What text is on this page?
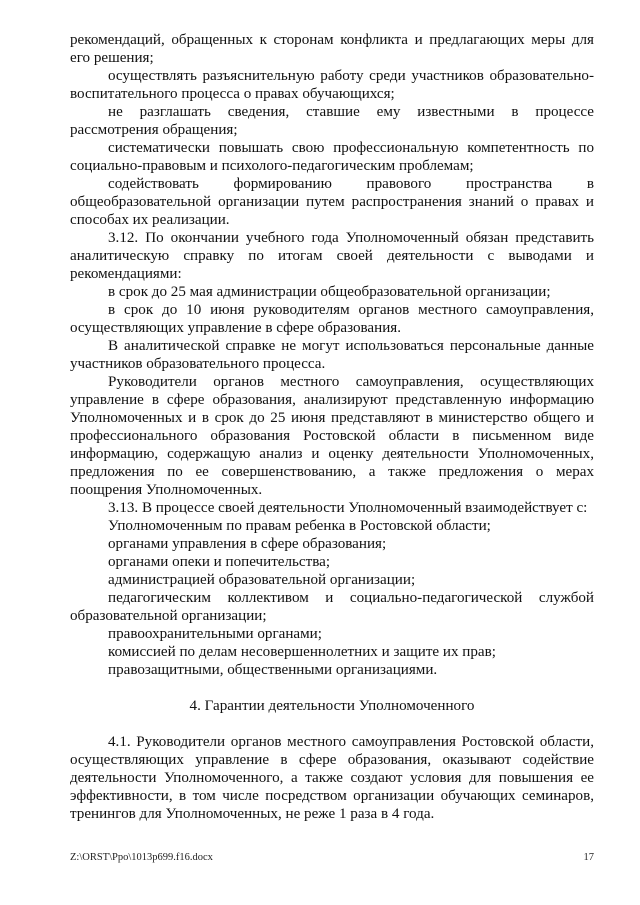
рекомендаций, обращенных к сторонам конфликта и предлагающих меры для его решения;

осуществлять разъяснительную работу среди участников образовательно-воспитательного процесса о правах обучающихся;

не разглашать сведения, ставшие ему известными в процессе рассмотрения обращения;

систематически повышать свою профессиональную компетентность по социально-правовым и психолого-педагогическим проблемам;

содействовать формированию правового пространства в общеобразовательной организации путем распространения знаний о правах и способах их реализации.

3.12. По окончании учебного года Уполномоченный обязан представить аналитическую справку по итогам своей деятельности с выводами и рекомендациями:

в срок до 25 мая администрации общеобразовательной организации;

в срок до 10 июня руководителям органов местного самоуправления, осуществляющих управление в сфере образования.

В аналитической справке не могут использоваться персональные данные участников образовательного процесса.

Руководители органов местного самоуправления, осуществляющих управление в сфере образования, анализируют представленную информацию Уполномоченных и в срок до 25 июня представляют в министерство общего и профессионального образования Ростовской области в письменном виде информацию, содержащую анализ и оценку деятельности Уполномоченных, предложения по ее совершенствованию, а также предложения о мерах поощрения Уполномоченных.

3.13. В процессе своей деятельности Уполномоченный взаимодействует с:

Уполномоченным по правам ребенка в Ростовской области;

органами управления в сфере образования;

органами опеки и попечительства;

администрацией образовательной организации;

педагогическим коллективом и социально-педагогической службой образовательной организации;

правоохранительными органами;

комиссией по делам несовершеннолетних и защите их прав;

правозащитными, общественными организациями.

4. Гарантии деятельности Уполномоченного

4.1. Руководители органов местного самоуправления Ростовской области, осуществляющих управление в сфере образования, оказывают содействие деятельности Уполномоченного, а также создают условия для повышения ее эффективности, в том числе посредством организации обучающих семинаров, тренингов для Уполномоченных, не реже 1 раза в 4 года.

Z:\ORST\Ppo\1013p699.f16.docx	17
